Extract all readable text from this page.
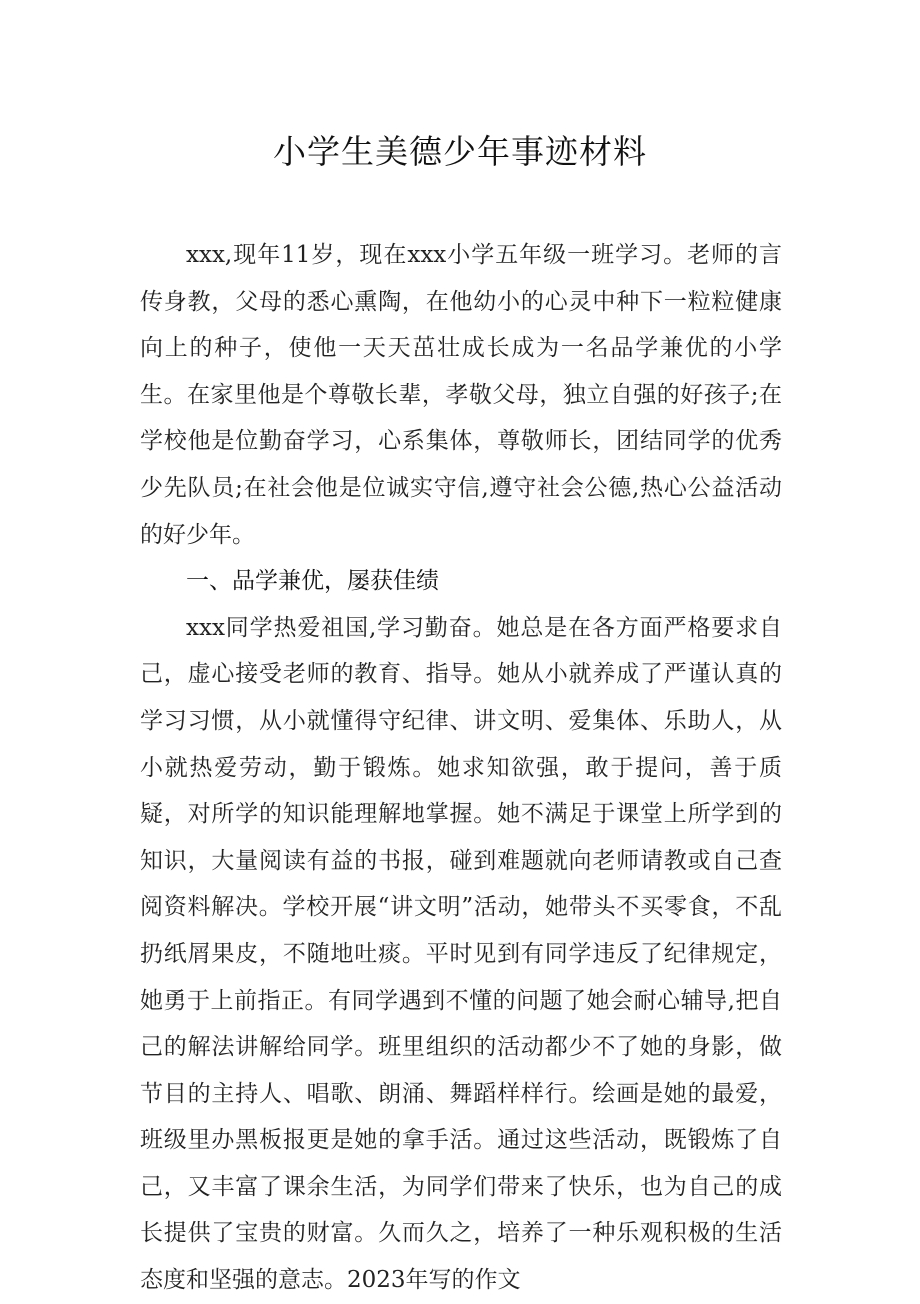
小学生美德少年事迹材料

xxx,现年11岁，现在xxx小学五年级一班学习。老师的言传身教，父母的悉心熏陶，在他幼小的心灵中种下一粒粒健康向上的种子，使他一天天茁壮成长成为一名品学兼优的小学生。在家里他是个尊敬长辈，孝敬父母，独立自强的好孩子;在学校他是位勤奋学习，心系集体，尊敬师长，团结同学的优秀少先队员;在社会他是位诚实守信,遵守社会公德,热心公益活动的好少年。

一、品学兼优，屡获佳绩

xxx同学热爱祖国,学习勤奋。她总是在各方面严格要求自己，虚心接受老师的教育、指导。她从小就养成了严谨认真的学习习惯，从小就懂得守纪律、讲文明、爱集体、乐助人，从小就热爱劳动，勤于锻炼。她求知欲强，敢于提问，善于质疑，对所学的知识能理解地掌握。她不满足于课堂上所学到的知识，大量阅读有益的书报，碰到难题就向老师请教或自己查阅资料解决。学校开展“讲文明”活动，她带头不买零食，不乱扔纸屑果皮，不随地吐痰。平时见到有同学违反了纪律规定，她勇于上前指正。有同学遇到不懂的问题了她会耐心辅导,把自己的解法讲解给同学。班里组织的活动都少不了她的身影，做节目的主持人、唱歌、朗涌、舞蹈样样行。绘画是她的最爱，班级里办黑板报更是她的拿手活。通过这些活动，既锻炼了自己，又丰富了课余生活，为同学们带来了快乐，也为自己的成长提供了宝贵的财富。久而久之，培养了一种乐观积极的生活态度和坚强的意志。2023年写的作文
